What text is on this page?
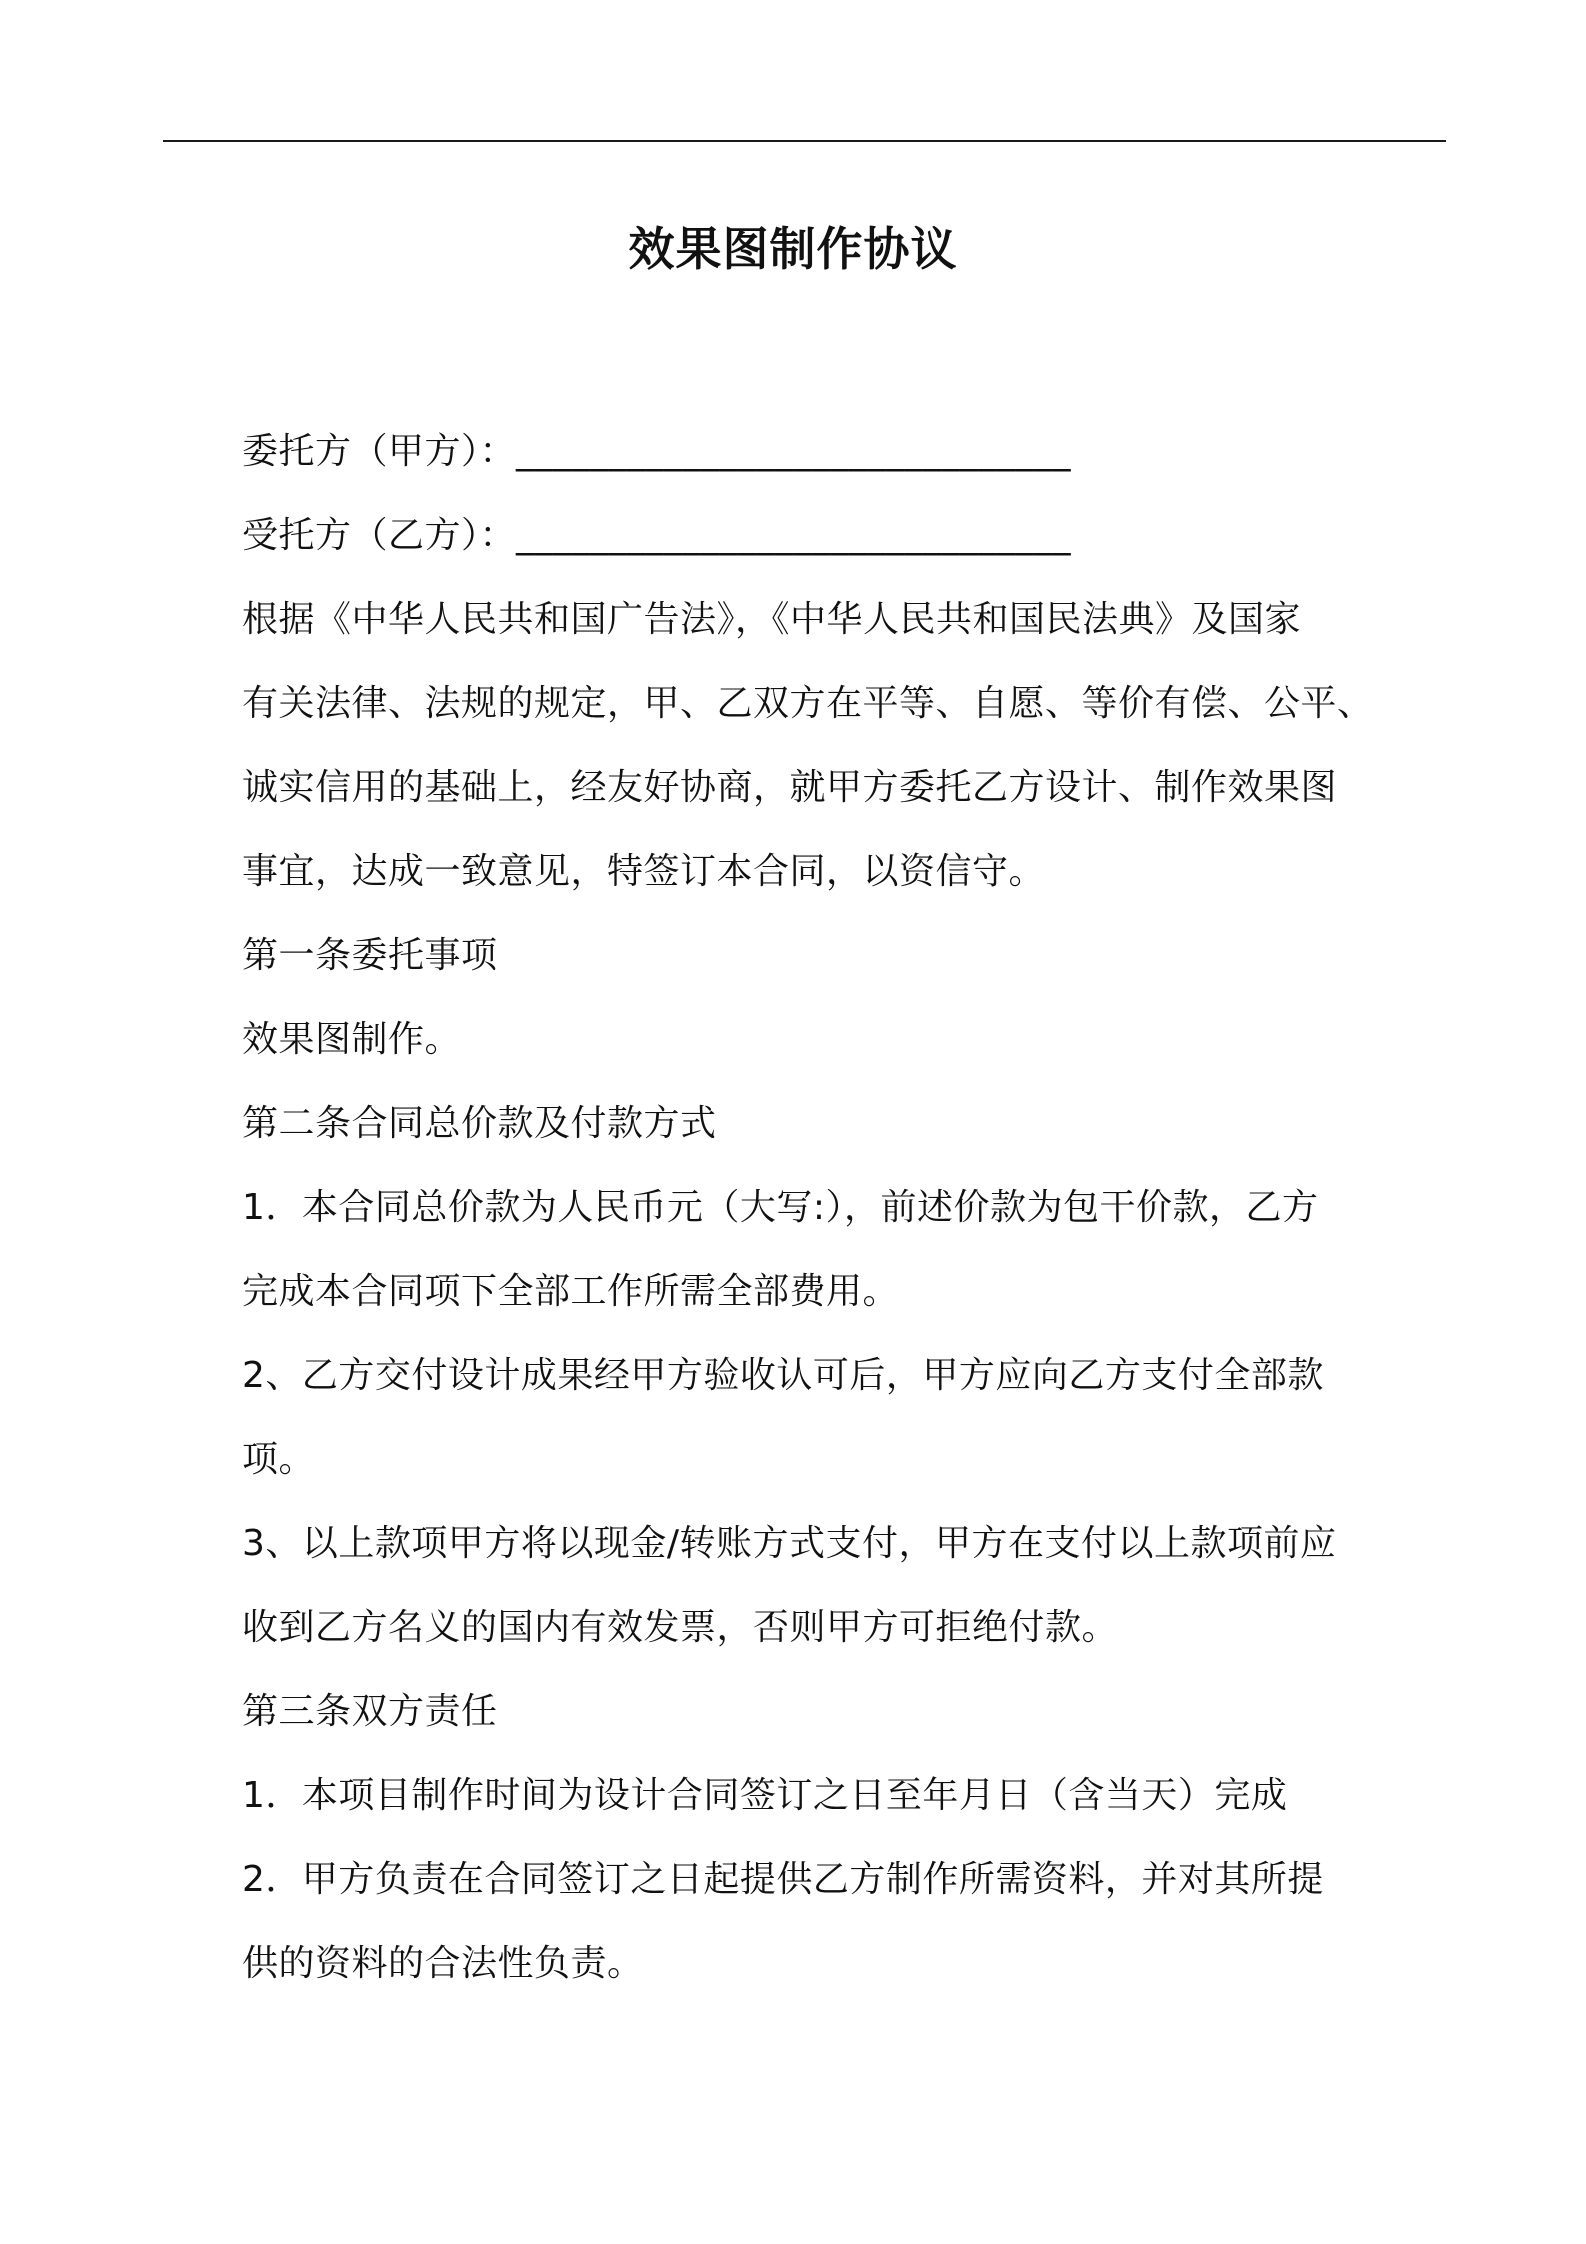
效果图制作协议

委托方（甲方）：______________________________

受托方（乙方）：______________________________

根据《中华人民共和国广告法》，《中华人民共和国民法典》及国家

有关法律、法规的规定，甲、乙双方在平等、自愿、等价有偿、公平、

诚实信用的基础上，经友好协商，就甲方委托乙方设计、制作效果图

事宜，达成一致意见，特签订本合同，以资信守。

第一条委托事项

效果图制作。

第二条合同总价款及付款方式

1．本合同总价款为人民币元（大写:），前述价款为包干价款，乙方

完成本合同项下全部工作所需全部费用。

2、乙方交付设计成果经甲方验收认可后，甲方应向乙方支付全部款

项。

3、以上款项甲方将以现金/转账方式支付，甲方在支付以上款项前应

收到乙方名义的国内有效发票，否则甲方可拒绝付款。

第三条双方责任

1．本项目制作时间为设计合同签订之日至年月日（含当天）完成

2．甲方负责在合同签订之日起提供乙方制作所需资料，并对其所提

供的资料的合法性负责。
